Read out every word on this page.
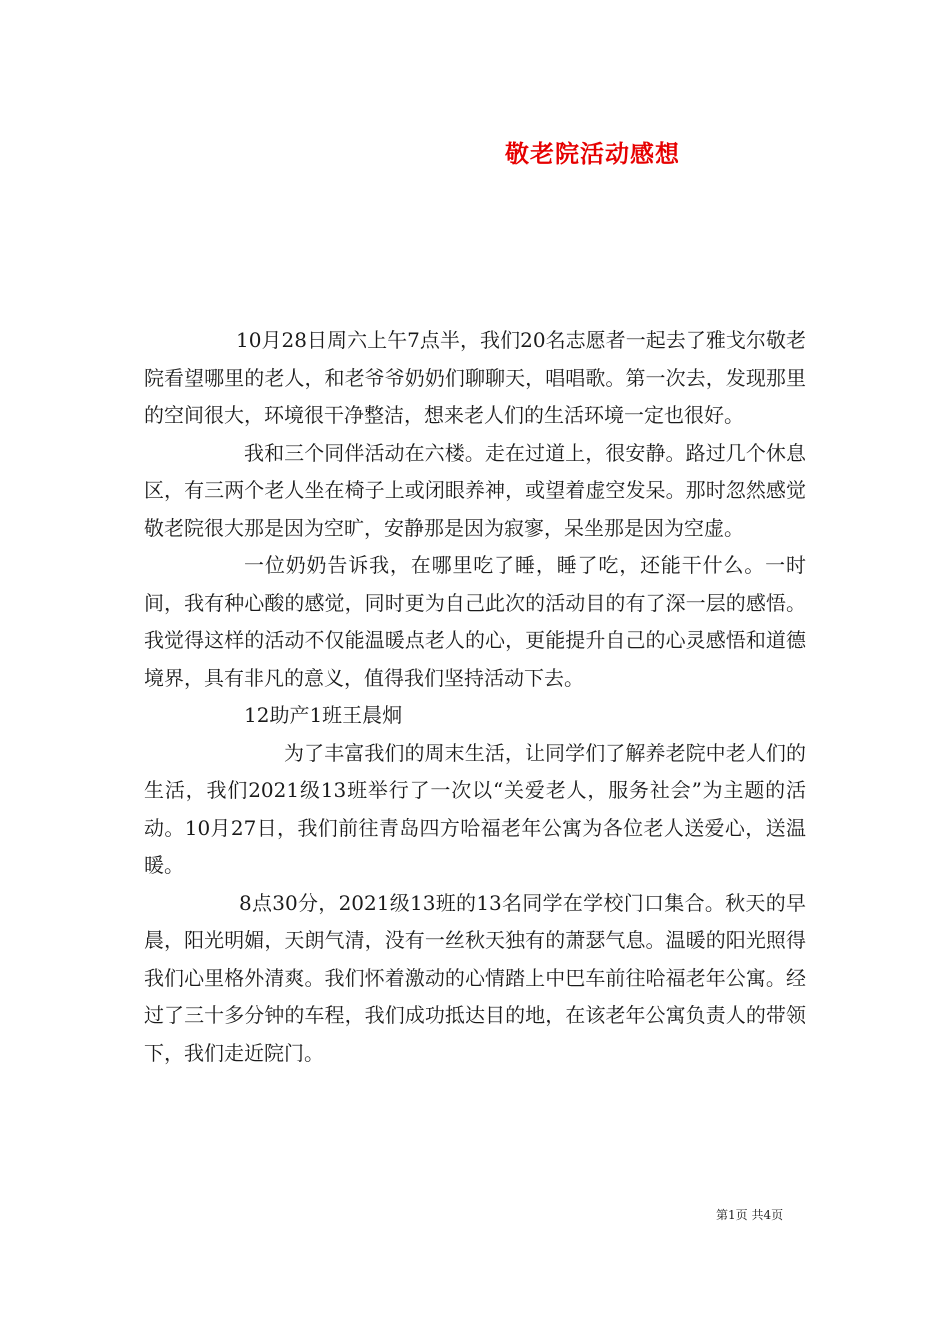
敬老院活动感想

10月28日周六上午7点半，我们20名志愿者一起去了雅戈尔敬老院看望哪里的老人，和老爷爷奶奶们聊聊天，唱唱歌。第一次去，发现那里的空间很大，环境很干净整洁，想来老人们的生活环境一定也很好。

我和三个同伴活动在六楼。走在过道上，很安静。路过几个休息区，有三两个老人坐在椅子上或闭眼养神，或望着虚空发呆。那时忽然感觉敬老院很大那是因为空旷，安静那是因为寂寥，呆坐那是因为空虚。

一位奶奶告诉我，在哪里吃了睡，睡了吃，还能干什么。一时间，我有种心酸的感觉，同时更为自己此次的活动目的有了深一层的感悟。我觉得这样的活动不仅能温暖点老人的心，更能提升自己的心灵感悟和道德境界，具有非凡的意义，值得我们坚持活动下去。

12助产1班王晨炯

为了丰富我们的周末生活，让同学们了解养老院中老人们的生活，我们2021级13班举行了一次以“关爱老人，服务社会”为主题的活动。10月27日，我们前往青岛四方哈福老年公寓为各位老人送爱心，送温暖。

8点30分，2021级13班的13名同学在学校门口集合。秋天的早晨，阳光明媚，天朗气清，没有一丝秋天独有的萧瑟气息。温暖的阳光照得我们心里格外清爽。我们怀着激动的心情踏上中巴车前往哈福老年公寓。经过了三十多分钟的车程，我们成功抵达目的地，在该老年公寓负责人的带领下，我们走近院门。

第1页 共4页
